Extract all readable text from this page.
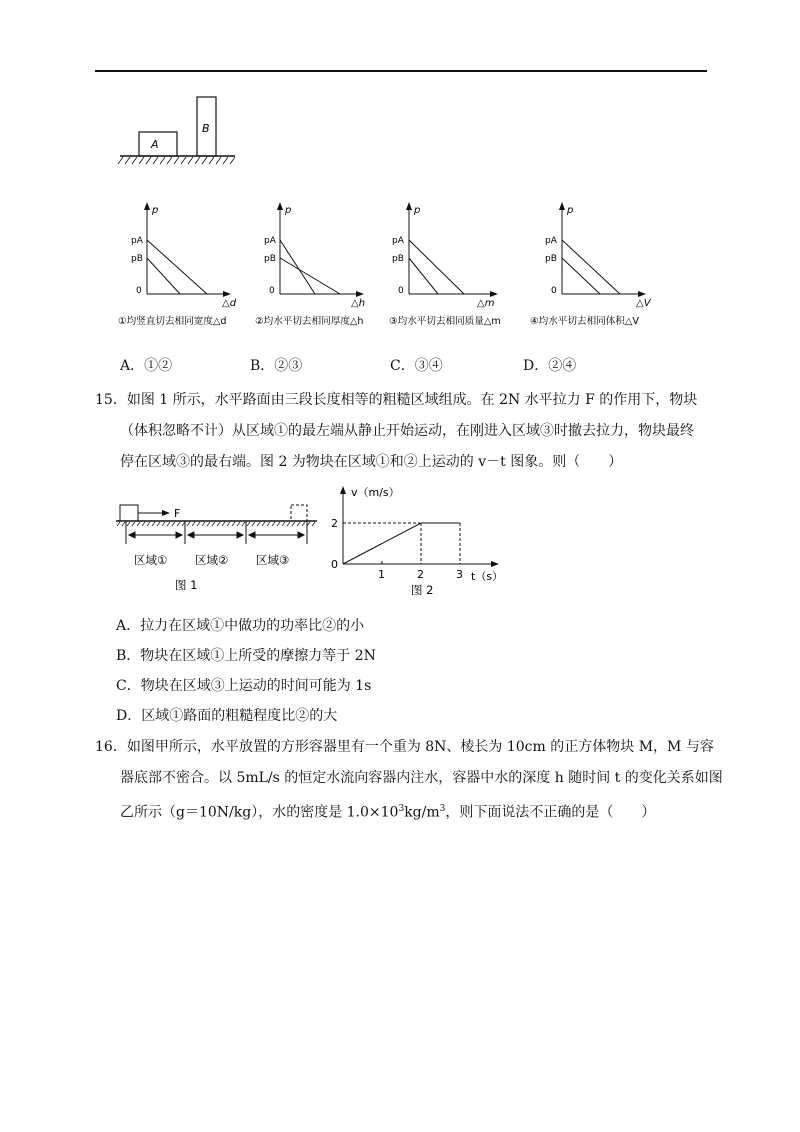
A
B
p
pA
pB
0
△d
①均竖直切去相同宽度△d
p
pA
pB
0
△h
②均水平切去相同厚度△h
p
pA
pB
0
△m
③均水平切去相同质量△m
p
pA
pB
0
△V
④均水平切去相同体积△V
A．①②	B．②③	C．③④	D．②④
15．如图 1 所示，水平路面由三段长度相等的粗糙区域组成。在 2N 水平拉力 F 的作用下，物块
（体积忽略不计）从区域①的最左端从静止开始运动，在刚进入区域③时撤去拉力，物块最终
停在区域③的最右端。图 2 为物块在区域①和②上运动的 v－t 图象。则（　　）
F
区域① 区域② 区域③
图 1
v（m/s）
t（s）
0
2
1	2	3
图 2
A．拉力在区域①中做功的功率比②的小
B．物块在区域①上所受的摩擦力等于 2N
C．物块在区域③上运动的时间可能为 1s
D．区域①路面的粗糙程度比②的大
16．如图甲所示，水平放置的方形容器里有一个重为 8N、棱长为 10cm 的正方体物块 M，M 与容
器底部不密合。以 5mL/s 的恒定水流向容器内注水，容器中水的深度 h 随时间 t 的变化关系如图
乙所示（g＝10N/kg），水的密度是 $1.0\times 10^3kg/m^3$，则下面说法不正确的是（　　）
